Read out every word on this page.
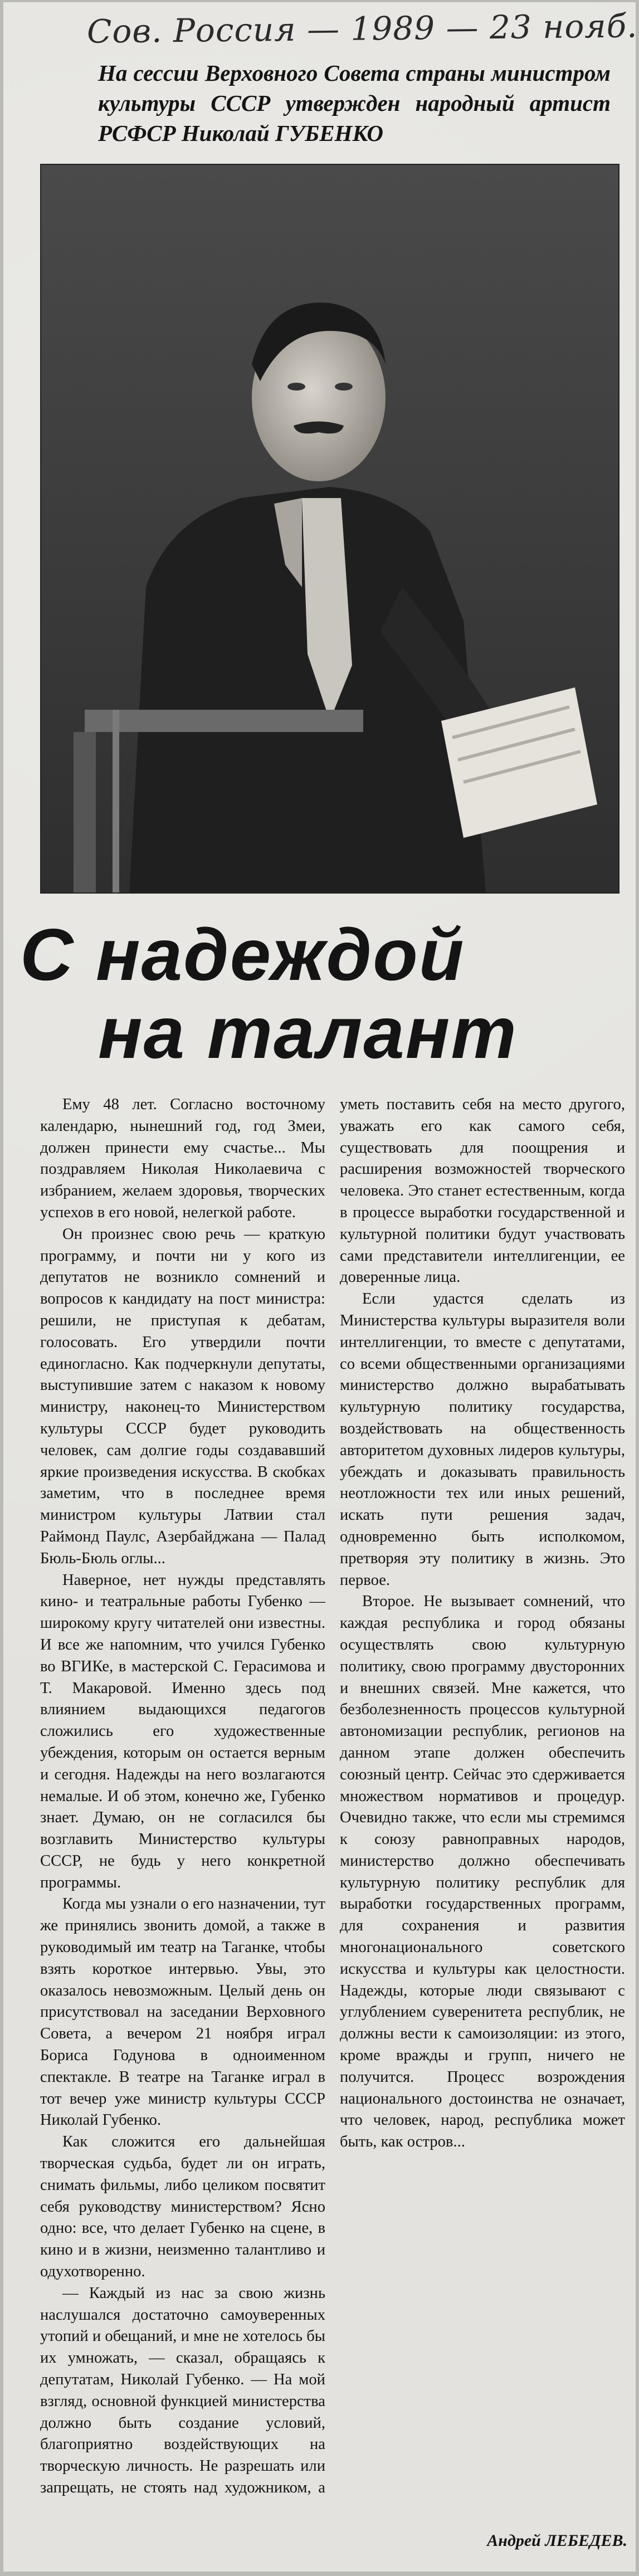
Сов. Россия — 1989 — 23 нояб.
На сессии Верховного Совета страны министром культуры СССР утвержден народный артист РСФСР Николай ГУБЕНКО
С надеждой
на талант

Ему 48 лет. Согласно восточному календарю, нынешний год, год Змеи, должен принести ему счастье... Мы поздравляем Николая Николаевича с избранием, желаем здоровья, творческих успехов в его новой, нелегкой работе.

Он произнес свою речь — краткую программу, и почти ни у кого из депутатов не возникло сомнений и вопросов к кандидату на пост министра: решили, не приступая к дебатам, голосовать. Его утвердили почти единогласно. Как подчеркнули депутаты, выступившие затем с наказом к новому министру, наконец-то Министерством культуры СССР будет руководить человек, сам долгие годы создававший яркие произведения искусства. В скобках заметим, что в последнее время министром культуры Латвии стал Раймонд Паулс, Азербайджана — Палад Бюль-Бюль оглы...

Наверное, нет нужды представлять кино- и театральные работы Губенко — широкому кругу читателей они известны. И все же напомним, что учился Губенко во ВГИКе, в мастерской С. Герасимова и Т. Макаровой. Именно здесь под влиянием выдающихся педагогов сложились его художественные убеждения, которым он остается верным и сегодня. Надежды на него возлагаются немалые. И об этом, конечно же, Губенко знает. Думаю, он не согласился бы возглавить Министерство культуры СССР, не будь у него конкретной программы.

Когда мы узнали о его назначении, тут же принялись звонить домой, а также в руководимый им театр на Таганке, чтобы взять короткое интервью. Увы, это оказалось невозможным. Целый день он присутствовал на заседании Верховного Совета, а вечером 21 ноября играл Бориса Годунова в одноименном спектакле. В театре на Таганке играл в тот вечер уже министр культуры СССР Николай Губенко.

Как сложится его дальнейшая творческая судьба, будет ли он играть, снимать фильмы, либо целиком посвятит себя руководству министерством? Ясно одно: все, что делает Губенко на сцене, в кино и в жизни, неизменно талантливо и одухотворенно.

— Каждый из нас за свою жизнь наслушался достаточно самоуверенных утопий и обещаний, и мне не хотелось бы их умножать, — сказал, обращаясь к депутатам, Николай Губенко. — На мой взгляд, основной функцией министерства должно быть создание условий, благоприятно воздействующих на творческую личность. Не разрешать или запрещать, не стоять над художником, а уметь поставить себя на место другого, уважать его как самого себя, существовать для поощрения и расширения возможностей творческого человека. Это станет естественным, когда в процессе выработки государственной и культурной политики будут участвовать сами представители интеллигенции, ее доверенные лица.

Если удастся сделать из Министерства культуры выразителя воли интеллигенции, то вместе с депутатами, со всеми общественными организациями министерство должно вырабатывать культурную политику государства, воздействовать на общественность авторитетом духовных лидеров культуры, убеждать и доказывать правильность неотложности тех или иных решений, искать пути решения задач, одновременно быть исполкомом, претворяя эту политику в жизнь. Это первое.

Второе. Не вызывает сомнений, что каждая республика и город обязаны осуществлять свою культурную политику, свою программу двусторонних и внешних связей. Мне кажется, что безболезненность процессов культурной автономизации республик, регионов на данном этапе должен обеспечить союзный центр. Сейчас это сдерживается множеством нормативов и процедур. Очевидно также, что если мы стремимся к союзу равноправных народов, министерство должно обеспечивать культурную политику республик для выработки государственных программ, для сохранения и развития многонационального советского искусства и культуры как целостности. Надежды, которые люди связывают с углублением суверенитета республик, не должны вести к самоизоляции: из этого, кроме вражды и групп, ничего не получится. Процесс возрождения национального достоинства не означает, что человек, народ, республика может быть, как остров...

Андрей ЛЕБЕДЕВ.
